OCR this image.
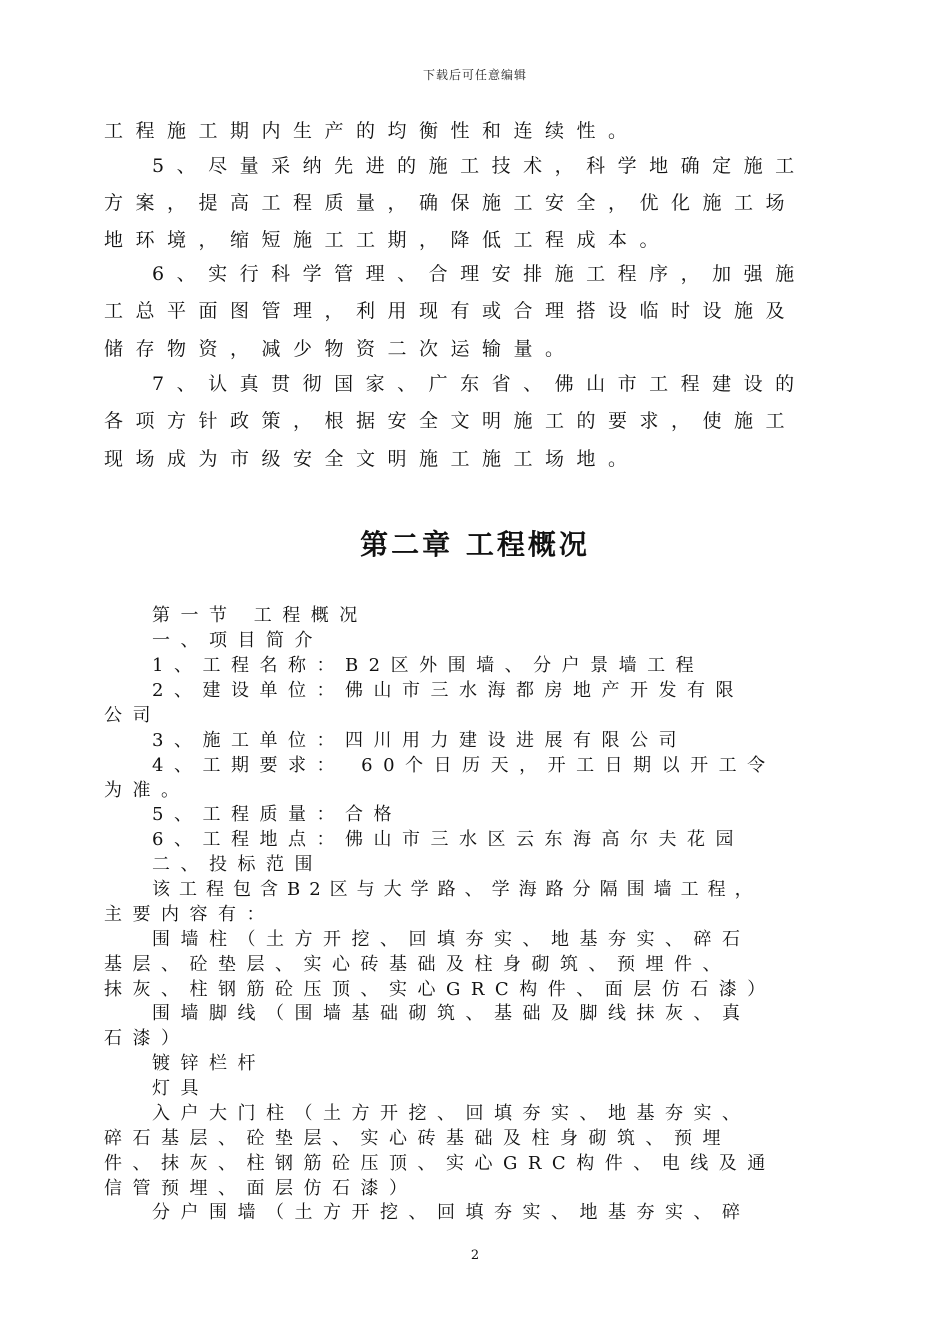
下载后可任意编辑
工程施工期内生产的均衡性和连续性。
5、尽量采纳先进的施工技术，科学地确定施工
方案，提高工程质量，确保施工安全，优化施工场
地环境，缩短施工工期，降低工程成本。
6、实行科学管理、合理安排施工程序，加强施
工总平面图管理，利用现有或合理搭设临时设施及
储存物资，减少物资二次运输量。
7、认真贯彻国家、广东省、佛山市工程建设的
各项方针政策，根据安全文明施工的要求，使施工
现场成为市级安全文明施工施工场地。
第二章 工程概况
第一节 工程概况
一、项目简介
1、工程名称：B2区外围墙、分户景墙工程
2、建设单位：佛山市三水海都房地产开发有限
公司
3、施工单位：四川用力建设进展有限公司
4、工期要求： 60个日历天，开工日期以开工令
为准。
5、工程质量：合格
6、工程地点：佛山市三水区云东海高尔夫花园
二、投标范围
该工程包含B2区与大学路、学海路分隔围墙工程，
主要内容有：
围墙柱（土方开挖、回填夯实、地基夯实、碎石
基层、砼垫层、实心砖基础及柱身砌筑、预埋件、
抹灰、柱钢筋砼压顶、实心GRC构件、面层仿石漆）
围墙脚线（围墙基础砌筑、基础及脚线抹灰、真
石漆）
镀锌栏杆
灯具
入户大门柱（土方开挖、回填夯实、地基夯实、
碎石基层、砼垫层、实心砖基础及柱身砌筑、预埋
件、抹灰、柱钢筋砼压顶、实心GRC构件、电线及通
信管预埋、面层仿石漆）
分户围墙（土方开挖、回填夯实、地基夯实、碎
2
